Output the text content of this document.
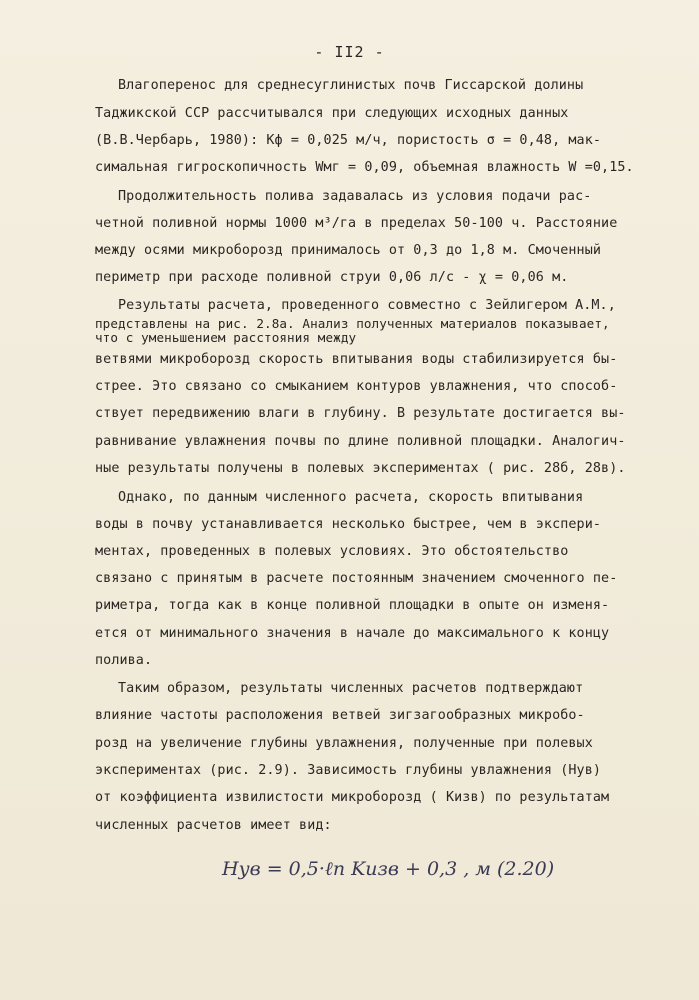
- II2 -
Влагоперенос для среднесуглинистых почв Гиссарской долины
Таджикской ССР рассчитывался при следующих исходных данных
(В.В.Чербарь, 1980): Кф = 0,025 м/ч, пористость σ = 0,48, мак-
симальная гигроскопичность Wмг = 0,09, объемная влажность W =0,15.
Продолжительность полива задавалась из условия подачи рас-
четной поливной нормы 1000 м³/га в пределах 50-100 ч. Расстояние
между осями микроборозд принималось от 0,3 до 1,8 м. Смоченный
периметр при расходе поливной струи 0,06 л/с - χ = 0,06 м.
Результаты расчета, проведенного совместно с Зейлигером А.М.,
представлены на рис. 2.8а. Анализ полученных материалов показывает, что с уменьшением расстояния между
ветвями микроборозд скорость впитывания воды стабилизируется бы-
стрее. Это связано со смыканием контуров увлажнения, что способ-
ствует передвижению влаги в глубину. В результате достигается вы-
равнивание увлажнения почвы по длине поливной площадки. Аналогич-
ные результаты получены в полевых экспериментах ( рис. 28б, 28в).
Однако, по данным численного расчета, скорость впитывания
воды в почву устанавливается несколько быстрее, чем в экспери-
ментах, проведенных в полевых условиях. Это обстоятельство
связано с принятым в расчете постоянным значением смоченного пе-
риметра, тогда как в конце поливной площадки в опыте он изменя-
ется от минимального значения в начале до максимального к концу
полива.
Таким образом, результаты численных расчетов подтверждают
влияние частоты расположения ветвей зигзагообразных микробо-
розд на увеличение глубины увлажнения, полученные при полевых
экспериментах (рис. 2.9). Зависимость глубины увлажнения (Нув)
от коэффициента извилистости микроборозд ( Кизв) по результатам
численных расчетов имеет вид:
Hув = 0,5·ℓn Kизв + 0,3 , м (2.20)
